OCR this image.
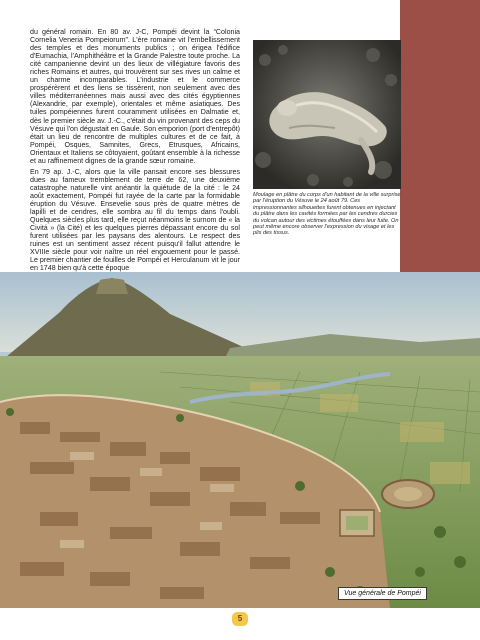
du général romain. En 80 av. J-C, Pompéi devint la “Colonia Cornelia Veneria Pompeiorum”. L'ère romaine vit l'embellissement des temples et des monuments publics ; on érigea l'édifice d'Eumachia, l'Amphithéâtre et la Grande Palestre toute proche. La cité campanienne devint un des lieux de villégiature favoris des riches Romains et autres, qui trouvèrent sur ses rives un calme et un charme incomparables. L'industrie et le commerce prospérèrent et des liens se tissèrent, non seulement avec des villes méditerranéennes mais aussi avec des cités égyptiennes (Alexandrie, par exemple), orientales et même asiatiques. Des tuiles pompéiennes furent couramment utilisées en Dalmatie et, dès le premier siècle av. J.-C., c'était du vin provenant des ceps du Vésuve qui l'on dégustait en Gaule. Son emporion (port d'entrepôt) était un lieu de rencontre de multiples cultures et de ce fait, à Pompéi, Osques, Samnites, Grecs, Etrusques, Africains, Orientaux et Italiens se côtoyaient, goûtant ensemble à la richesse et au raffinement dignes de la grande sœur romaine.

En 79 ap. J.-C, alors que la ville pansait encore ses blessures dues au fameux tremblement de terre de 62, une deuxième catastrophe naturelle vint anéantir la quiétude de la cité : le 24 août exactement, Pompéi fut rayée de la carte par la formidable éruption du Vésuve. Ensevelie sous près de quatre mètres de lapilli et de cendres, elle sombra au fil du temps dans l'oubli. Quelques siècles plus tard, elle reçut néanmoins le surnom de « la Civitá » (la Cité) et les quelques pierres dépassant encore du sol furent utilisées par les paysans des alentours. Le respect des ruines est un sentiment assez récent puisqu'il fallut attendre le XVIIIe siècle pour voir naître un réel engouement pour le passé. Le premier chantier de fouilles de Pompéi et Herculanum vit le jour en 1748 bien qu'à cette époque

Moulage en plâtre du corps d'un habitant de la ville surprise par l'éruption du Vésuve le 24 août 79. Ces impressionnantes silhouettes furent obtenues en injectant du plâtre dans les cavités formées par les cendres durcies du volcan autour des victimes étouffées dans leur fuite. On peut même encore observer l'expression du visage et les plis des tissus.
Vue générale de Pompéi
5
